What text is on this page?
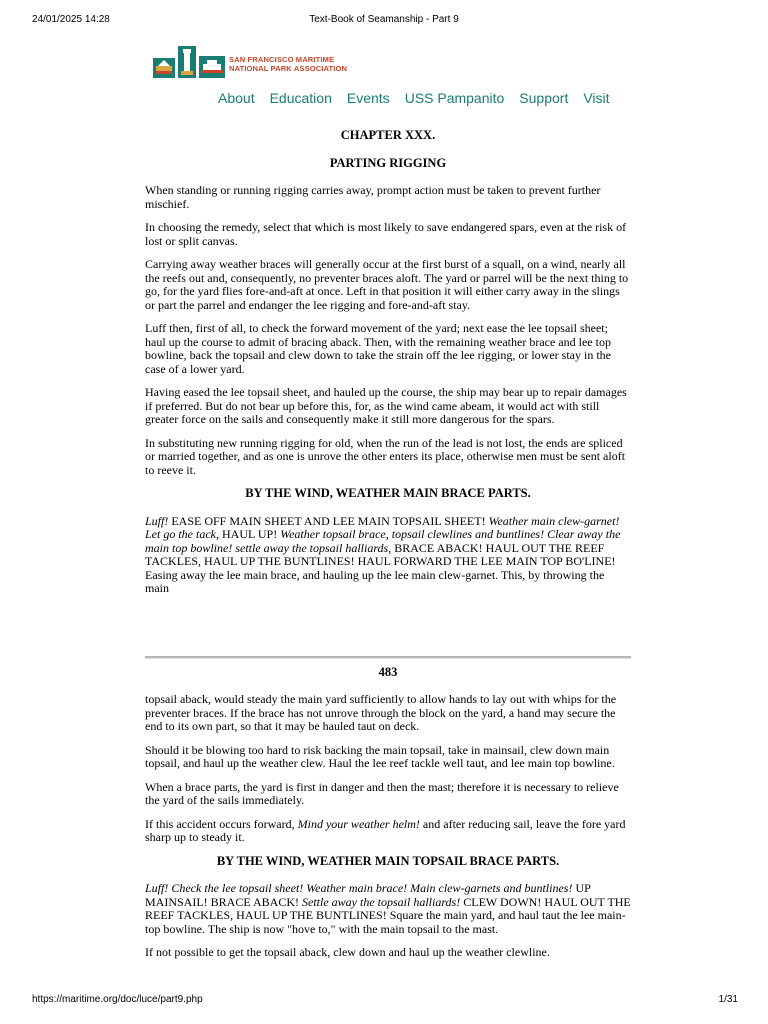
24/01/2025 14:28	Text-Book of Seamanship - Part 9
SAN FRANCISCO MARITIME
NATIONAL PARK ASSOCIATION
About Education Events USS Pampanito Support Visit
CHAPTER XXX.
PARTING RIGGING

When standing or running rigging carries away, prompt action must be taken to prevent further mischief.

In choosing the remedy, select that which is most likely to save endangered spars, even at the risk of lost or split canvas.

Carrying away weather braces will generally occur at the first burst of a squall, on a wind, nearly all the reefs out and, consequently, no preventer braces aloft. The yard or parrel will be the next thing to go, for the yard flies fore-and-aft at once. Left in that position it will either carry away in the slings or part the parrel and endanger the lee rigging and fore-and-aft stay.

Luff then, first of all, to check the forward movement of the yard; next ease the lee topsail sheet; haul up the course to admit of bracing aback. Then, with the remaining weather brace and lee top bowline, back the topsail and clew down to take the strain off the lee rigging, or lower stay in the case of a lower yard.

Having eased the lee topsail sheet, and hauled up the course, the ship may bear up to repair damages if preferred. But do not bear up before this, for, as the wind came abeam, it would act with still greater force on the sails and consequently make it still more dangerous for the spars.

In substituting new running rigging for old, when the run of the lead is not lost, the ends are spliced or married together, and as one is unrove the other enters its place, otherwise men must be sent aloft to reeve it.

BY THE WIND, WEATHER MAIN BRACE PARTS.

Luff! EASE OFF MAIN SHEET AND LEE MAIN TOPSAIL SHEET! Weather main clew-garnet! Let go the tack, HAUL UP! Weather topsail brace, topsail clewlines and buntlines! Clear away the main top bowline! settle away the topsail halliards, BRACE ABACK! HAUL OUT THE REEF TACKLES, HAUL UP THE BUNTLINES! HAUL FORWARD THE LEE MAIN TOP BO'LINE! Easing away the lee main brace, and hauling up the lee main clew-garnet. This, by throwing the main

483

topsail aback, would steady the main yard sufficiently to allow hands to lay out with whips for the preventer braces. If the brace has not unrove through the block on the yard, a hand may secure the end to its own part, so that it may be hauled taut on deck.

Should it be blowing too hard to risk backing the main topsail, take in mainsail, clew down main topsail, and haul up the weather clew. Haul the lee reef tackle well taut, and lee main top bowline.

When a brace parts, the yard is first in danger and then the mast; therefore it is necessary to relieve the yard of the sails immediately.

If this accident occurs forward, Mind your weather helm! and after reducing sail, leave the fore yard sharp up to steady it.

BY THE WIND, WEATHER MAIN TOPSAIL BRACE PARTS.

Luff! Check the lee topsail sheet! Weather main brace! Main clew-garnets and buntlines! UP MAINSAIL! BRACE ABACK! Settle away the topsail halliards! CLEW DOWN! HAUL OUT THE REEF TACKLES, HAUL UP THE BUNTLINES! Square the main yard, and haul taut the lee main-top bowline. The ship is now "hove to," with the main topsail to the mast.

If not possible to get the topsail aback, clew down and haul up the weather clewline.

https://maritime.org/doc/luce/part9.php	1/31
